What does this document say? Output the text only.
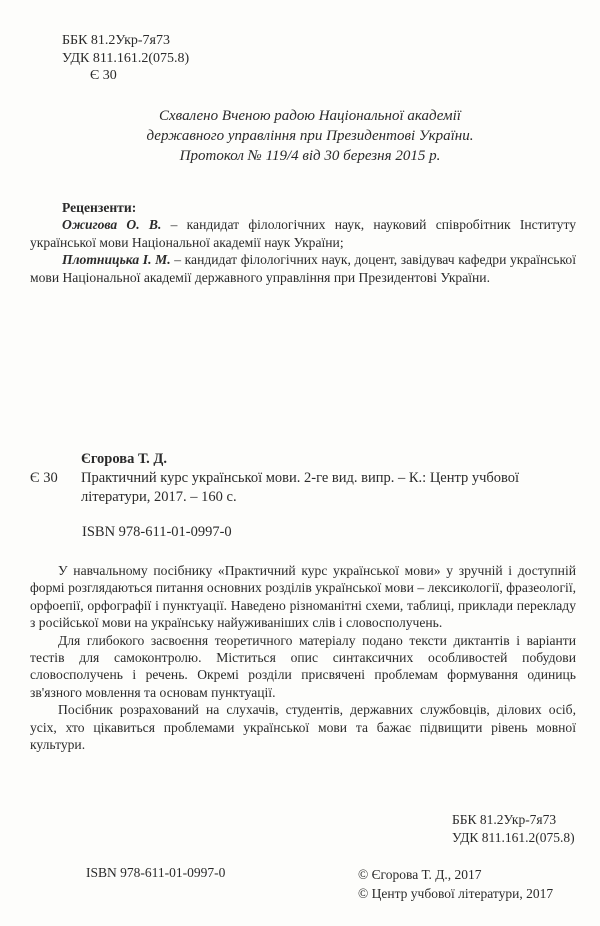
ББК 81.2Укр-7я73
УДК 811.161.2(075.8)
Є 30
Схвалено Вченою радою Національної академії
державного управління при Президентові України.
Протокол № 119/4 від 30 березня 2015 р.

Рецензенти:

Ожигова О. В. – кандидат філологічних наук, науковий співробітник Інституту української мови Національної академії наук України;

Плотницька І. М. – кандидат філологічних наук, доцент, завідувач кафедри української мови Національної академії державного управління при Президентові України.

Єгорова Т. Д.
Є 30	Практичний курс української мови. 2-ге вид. випр. – К.: Центр учбової літератури, 2017. – 160 с.
ISBN 978-611-01-0997-0

У навчальному посібнику «Практичний курс української мови» у зручній і доступній формі розглядаються питання основних розділів української мови – лексикології, фразеології, орфоепії, орфографії і пунктуації. Наведено різноманітні схеми, таблиці, приклади перекладу з російської мови на українську найуживаніших слів і словосполучень.

Для глибокого засвоєння теоретичного матеріалу подано тексти диктантів і варіанти тестів для самоконтролю. Міститься опис синтаксичних особливостей побудови словосполучень і речень. Окремі розділи присвячені проблемам формування одиниць зв'язного мовлення та основам пунктуації.

Посібник розрахований на слухачів, студентів, державних службовців, ділових осіб, усіх, хто цікавиться проблемами української мови та бажає підвищити рівень мовної культури.

ББК 81.2Укр-7я73
УДК 811.161.2(075.8)
ISBN 978-611-01-0997-0	© Єгорова Т. Д., 2017
© Центр учбової літератури, 2017
